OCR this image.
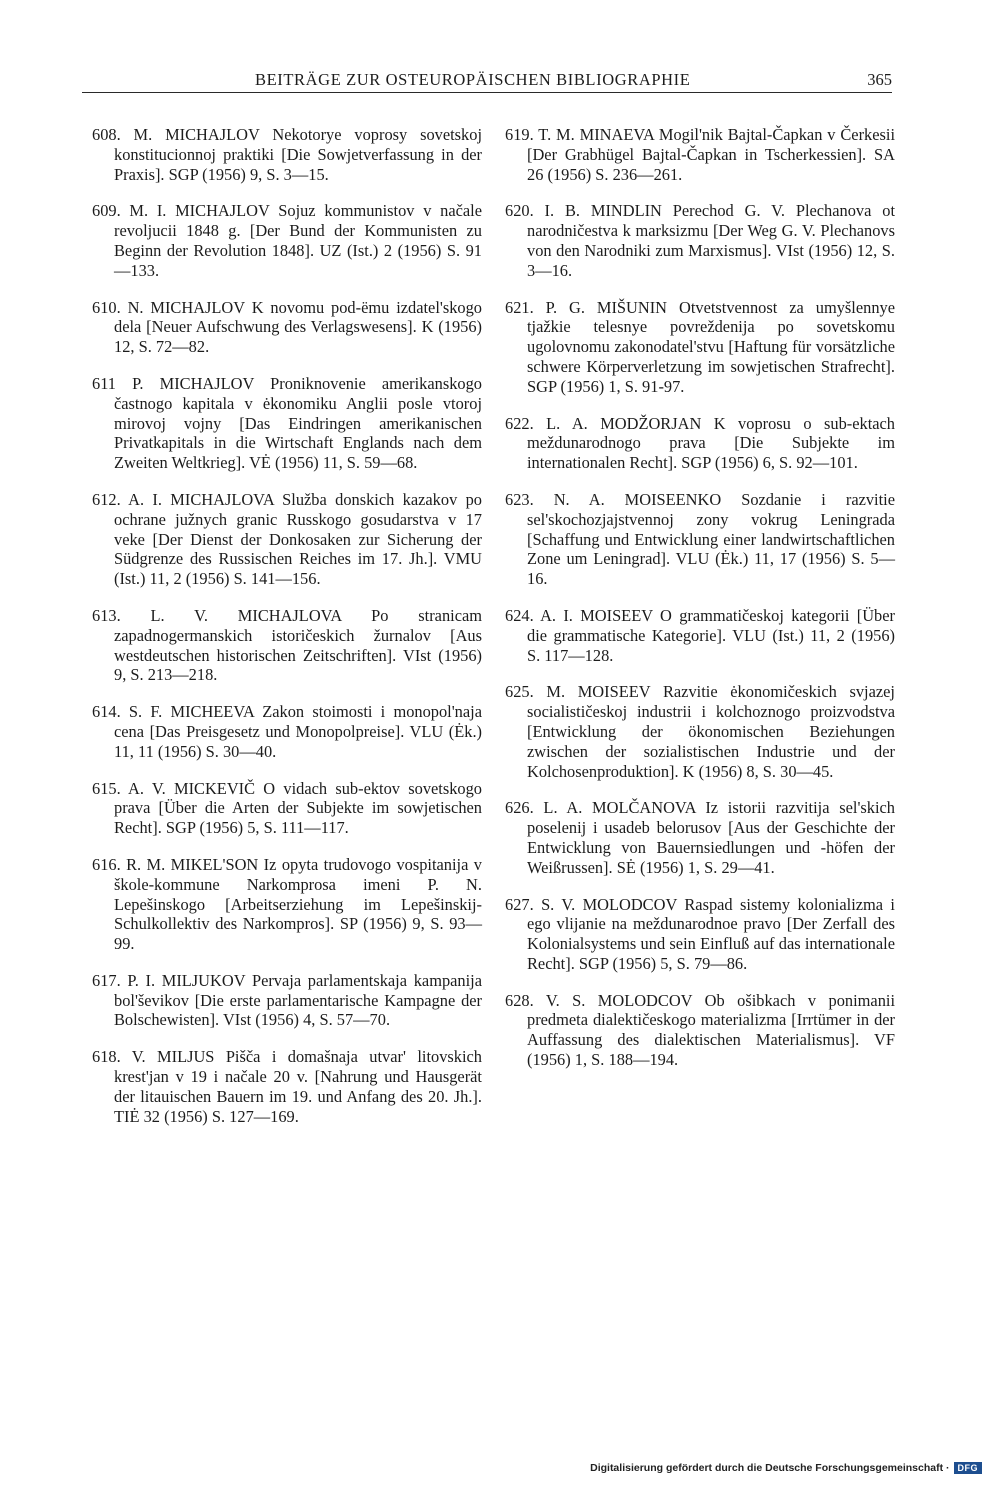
BEITRÄGE ZUR OSTEUROPÄISCHEN BIBLIOGRAPHIE	365

608. M. MICHAJLOV Nekotorye voprosy sovetskoj konstitucionnoj praktiki [Die Sowjetverfassung in der Praxis]. SGP (1956) 9, S. 3—15.

609. M. I. MICHAJLOV Sojuz kommunistov v načale revoljucii 1848 g. [Der Bund der Kommunisten zu Beginn der Revolution 1848]. UZ (Ist.) 2 (1956) S. 91—133.

610. N. MICHAJLOV K novomu pod-ëmu izdatel'skogo dela [Neuer Aufschwung des Verlagswesens]. K (1956) 12, S. 72—82.

611 P. MICHAJLOV Proniknovenie amerikanskogo častnogo kapitala v ėkonomiku Anglii posle vtoroj mirovoj vojny [Das Eindringen amerikanischen Privatkapitals in die Wirtschaft Englands nach dem Zweiten Weltkrieg]. VĖ (1956) 11, S. 59—68.

612. A. I. MICHAJLOVA Služba donskich kazakov po ochrane južnych granic Russkogo gosudarstva v 17 veke [Der Dienst der Donkosaken zur Sicherung der Südgrenze des Russischen Reiches im 17. Jh.]. VMU (Ist.) 11, 2 (1956) S. 141—156.

613. L. V. MICHAJLOVA Po stranicam zapadnogermanskich istoričeskich žurnalov [Aus westdeutschen historischen Zeitschriften]. VIst (1956) 9, S. 213—218.

614. S. F. MICHEEVA Zakon stoimosti i monopol'naja cena [Das Preisgesetz und Monopolpreise]. VLU (Ėk.) 11, 11 (1956) S. 30—40.

615. A. V. MICKEVIČ O vidach sub-ektov sovetskogo prava [Über die Arten der Subjekte im sowjetischen Recht]. SGP (1956) 5, S. 111—117.

616. R. M. MIKEL'SON Iz opyta trudovogo vospitanija v škole-kommune Narkomprosa imeni P. N. Lepešinskogo [Arbeitserziehung im Lepešinskij-Schulkollektiv des Narkompros]. SP (1956) 9, S. 93—99.

617. P. I. MILJUKOV Pervaja parlamentskaja kampanija bol'ševikov [Die erste parlamentarische Kampagne der Bolschewisten]. VIst (1956) 4, S. 57—70.

618. V. MILJUS Pišča i domašnaja utvar' litovskich krest'jan v 19 i načale 20 v. [Nahrung und Hausgerät der litauischen Bauern im 19. und Anfang des 20. Jh.]. TIĖ 32 (1956) S. 127—169.

619. T. M. MINAEVA Mogil'nik Bajtal-Čapkan v Čerkesii [Der Grabhügel Bajtal-Čapkan in Tscherkessien]. SA 26 (1956) S. 236—261.

620. I. B. MINDLIN Perechod G. V. Plechanova ot narodničestva k marksizmu [Der Weg G. V. Plechanovs von den Narodniki zum Marxismus]. VIst (1956) 12, S. 3—16.

621. P. G. MIŠUNIN Otvetstvennost za umyšlennye tjažkie telesnye povreždenija po sovetskomu ugolovnomu zakonodatel'stvu [Haftung für vorsätzliche schwere Körperverletzung im sowjetischen Strafrecht]. SGP (1956) 1, S. 91-97.

622. L. A. MODŽORJAN K voprosu o sub-ektach meždunarodnogo prava [Die Subjekte im internationalen Recht]. SGP (1956) 6, S. 92—101.

623. N. A. MOISEENKO Sozdanie i razvitie sel'skochozjajstvennoj zony vokrug Leningrada [Schaffung und Entwicklung einer landwirtschaftlichen Zone um Leningrad]. VLU (Ėk.) 11, 17 (1956) S. 5—16.

624. A. I. MOISEEV O grammatičeskoj kategorii [Über die grammatische Kategorie]. VLU (Ist.) 11, 2 (1956) S. 117—128.

625. M. MOISEEV Razvitie ėkonomičeskich svjazej socialističeskoj industrii i kolchoznogo proizvodstva [Entwicklung der ökonomischen Beziehungen zwischen der sozialistischen Industrie und der Kolchosenproduktion]. K (1956) 8, S. 30—45.

626. L. A. MOLČANOVA Iz istorii razvitija sel'skich poselenij i usadeb belorusov [Aus der Geschichte der Entwicklung von Bauernsiedlungen und -höfen der Weißrussen]. SĖ (1956) 1, S. 29—41.

627. S. V. MOLODCOV Raspad sistemy kolonializma i ego vlijanie na meždunarodnoe pravo [Der Zerfall des Kolonialsystems und sein Einfluß auf das internationale Recht]. SGP (1956) 5, S. 79—86.

628. V. S. MOLODCOV Ob ošibkach v ponimanii predmeta dialektičeskogo materializma [Irrtümer in der Auffassung des dialektischen Materialismus]. VF (1956) 1, S. 188—194.

Digitalisierung gefördert durch die Deutsche Forschungsgemeinschaft · DFG
